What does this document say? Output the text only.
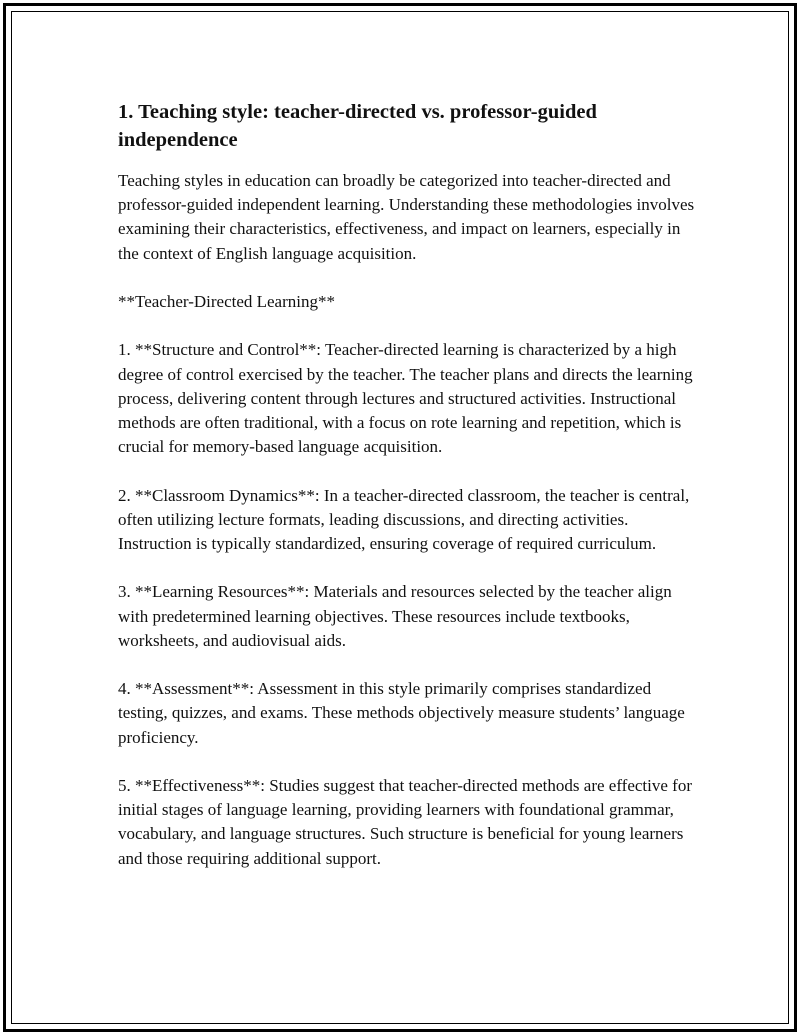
1. Teaching style: teacher-directed vs. professor-guided independence

Teaching styles in education can broadly be categorized into teacher-directed and professor-guided independent learning. Understanding these methodologies involves examining their characteristics, effectiveness, and impact on learners, especially in the context of English language acquisition.

**Teacher-Directed Learning**

1. **Structure and Control**: Teacher-directed learning is characterized by a high degree of control exercised by the teacher. The teacher plans and directs the learning process, delivering content through lectures and structured activities. Instructional methods are often traditional, with a focus on rote learning and repetition, which is crucial for memory-based language acquisition.

2. **Classroom Dynamics**: In a teacher-directed classroom, the teacher is central, often utilizing lecture formats, leading discussions, and directing activities. Instruction is typically standardized, ensuring coverage of required curriculum.

3. **Learning Resources**: Materials and resources selected by the teacher align with predetermined learning objectives. These resources include textbooks, worksheets, and audiovisual aids.

4. **Assessment**: Assessment in this style primarily comprises standardized testing, quizzes, and exams. These methods objectively measure students’ language proficiency.

5. **Effectiveness**: Studies suggest that teacher-directed methods are effective for initial stages of language learning, providing learners with foundational grammar, vocabulary, and language structures. Such structure is beneficial for young learners and those requiring additional support.
